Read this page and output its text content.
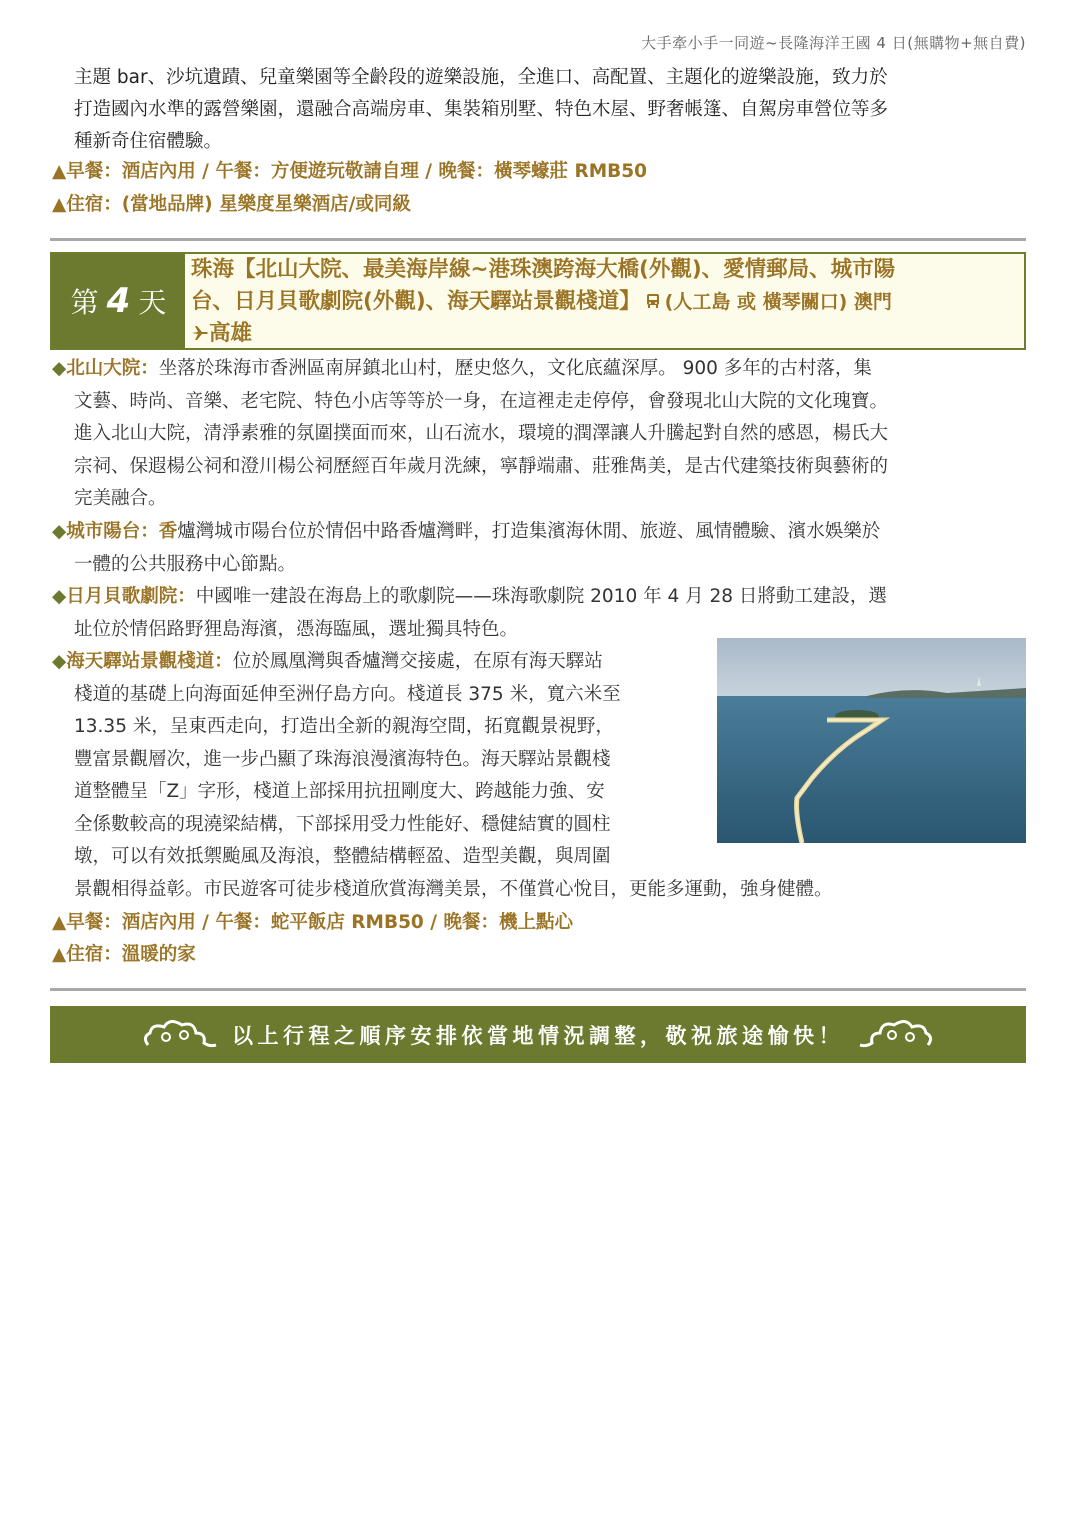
大手牽小手一同遊~長隆海洋王國 4 日(無購物+無自費)
主題 bar、沙坑遺蹟、兒童樂園等全齡段的遊樂設施，全進口、高配置、主題化的遊樂設施，致力於
打造國內水準的露營樂園，還融合高端房車、集裝箱別墅、特色木屋、野奢帳篷、自駕房車營位等多
種新奇住宿體驗。
▲早餐：酒店內用 / 午餐：方便遊玩敬請自理 / 晚餐：橫琴蠔莊 RMB50
▲住宿：(當地品牌) 星樂度星樂酒店/或同級
第 4 天
珠海【北山大院、最美海岸線~港珠澳跨海大橋(外觀)、愛情郵局、城市陽
台、日月貝歌劇院(外觀)、海天驛站景觀棧道】 (人工島 或 橫琴關口) 澳門
高雄
◆北山大院：坐落於珠海市香洲區南屏鎮北山村，歷史悠久，文化底蘊深厚。 900 多年的古村落，集
文藝、時尚、音樂、老宅院、特色小店等等於一身，在這裡走走停停，會發現北山大院的文化瑰寶。
進入北山大院，清淨素雅的氛圍撲面而來，山石流水，環境的潤澤讓人升騰起對自然的感恩，楊氏大
宗祠、保遐楊公祠和澄川楊公祠歷經百年歲月洗練，寧靜端肅、莊雅雋美，是古代建築技術與藝術的
完美融合。
◆城市陽台：香爐灣城市陽台位於情侶中路香爐灣畔，打造集濱海休閒、旅遊、風情體驗、濱水娛樂於
一體的公共服務中心節點。
◆日月貝歌劇院：中國唯一建設在海島上的歌劇院——珠海歌劇院 2010 年 4 月 28 日將動工建設，選
址位於情侶路野狸島海濱，憑海臨風，選址獨具特色。
◆海天驛站景觀棧道：位於鳳凰灣與香爐灣交接處，在原有海天驛站
棧道的基礎上向海面延伸至洲仔島方向。棧道長 375 米，寬六米至
13.35 米，呈東西走向，打造出全新的親海空間，拓寬觀景視野，
豐富景觀層次，進一步凸顯了珠海浪漫濱海特色。海天驛站景觀棧
道整體呈「Z」字形，棧道上部採用抗扭剛度大、跨越能力強、安
全係數較高的現澆梁結構，下部採用受力性能好、穩健結實的圓柱
墩，可以有效抵禦颱風及海浪，整體結構輕盈、造型美觀，與周圍
景觀相得益彰。市民遊客可徒步棧道欣賞海灣美景，不僅賞心悅目，更能多運動，強身健體。
▲早餐：酒店內用 / 午餐：蛇平飯店 RMB50 / 晚餐：機上點心
▲住宿：溫暖的家
以上行程之順序安排依當地情況調整，敬祝旅途愉快！
